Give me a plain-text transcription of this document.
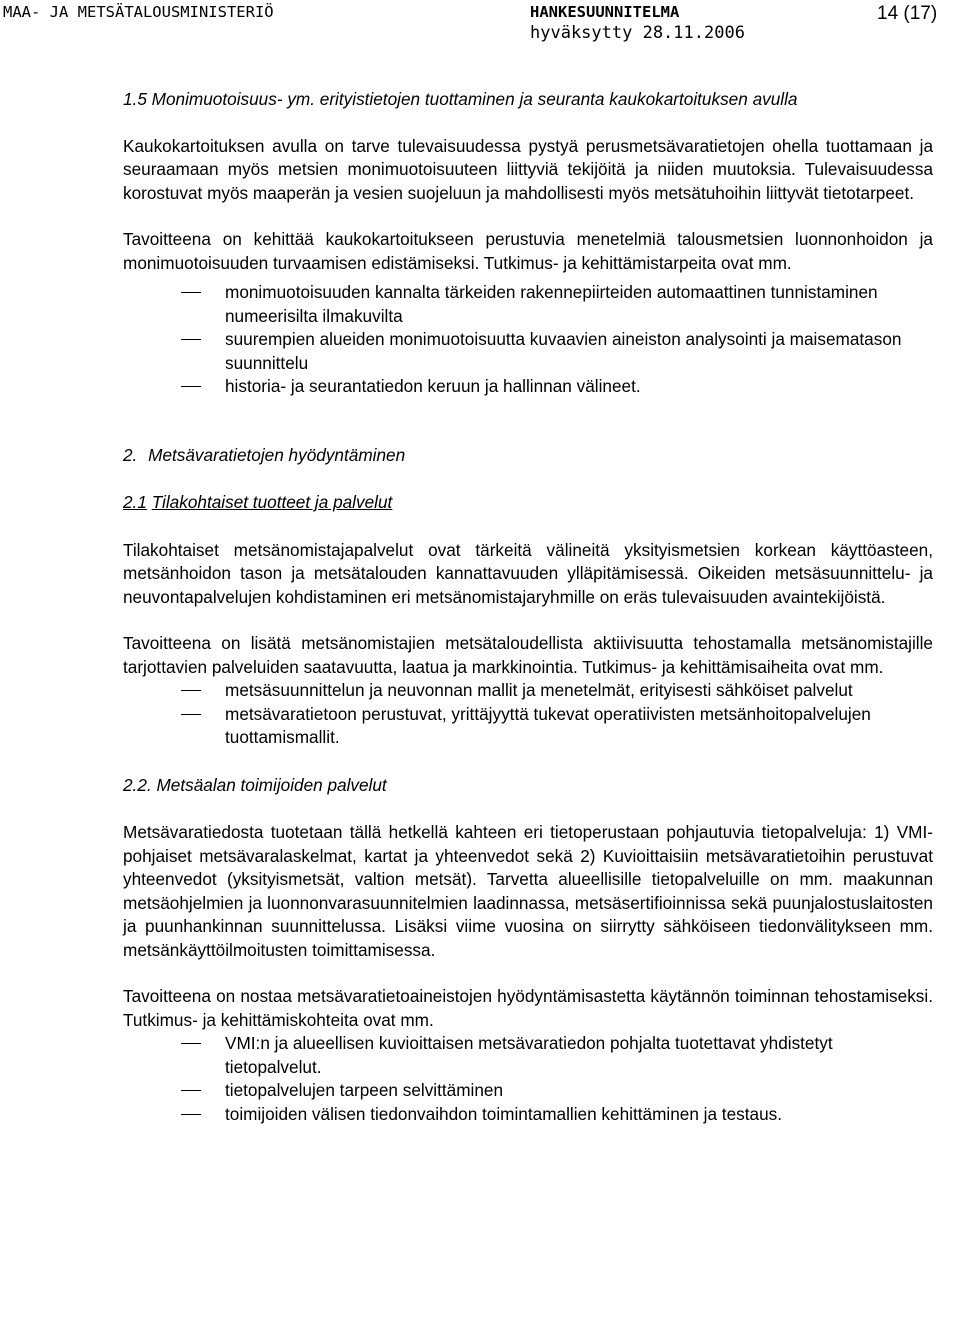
MAA- JA METSÄTALOUSMINISTERIÖ	HANKESUUNNITELMA
hyväksytty 28.11.2006
14 (17)

1.5 Monimuotoisuus- ym. erityistietojen tuottaminen ja seuranta kaukokartoituksen avulla

Kaukokartoituksen avulla on tarve tulevaisuudessa pystyä perusmetsävaratietojen ohella tuottamaan ja seuraamaan myös metsien monimuotoisuuteen liittyviä tekijöitä ja niiden muutoksia. Tulevaisuudessa korostuvat myös maaperän ja vesien suojeluun ja mahdollisesti myös metsätuhoihin liittyvät tietotarpeet.

Tavoitteena on kehittää kaukokartoitukseen perustuvia menetelmiä talousmetsien luonnonhoidon ja monimuotoisuuden turvaamisen edistämiseksi. Tutkimus- ja kehittämistarpeita ovat mm.

monimuotoisuuden kannalta tärkeiden rakennepiirteiden automaattinen tunnistaminen numeerisilta ilmakuvilta
suurempien alueiden monimuotoisuutta kuvaavien aineiston analysointi ja maisematason suunnittelu
historia- ja seurantatiedon keruun ja hallinnan välineet.

2. Metsävaratietojen hyödyntäminen

2.1 Tilakohtaiset tuotteet ja palvelut

Tilakohtaiset metsänomistajapalvelut ovat tärkeitä välineitä yksityismetsien korkean käyttöasteen, metsänhoidon tason ja metsätalouden kannattavuuden ylläpitämisessä. Oikeiden metsäsuunnittelu- ja neuvontapalvelujen kohdistaminen eri metsänomistajaryhmille on eräs tulevaisuuden avaintekijöistä.

Tavoitteena on lisätä metsänomistajien metsätaloudellista aktiivisuutta tehostamalla metsänomistajille tarjottavien palveluiden saatavuutta, laatua ja markkinointia. Tutkimus- ja kehittämisaiheita ovat mm.

metsäsuunnittelun ja neuvonnan mallit ja menetelmät, erityisesti sähköiset palvelut
metsävaratietoon perustuvat, yrittäjyyttä tukevat operatiivisten metsänhoitopalvelujen tuottamismallit.

2.2. Metsäalan toimijoiden palvelut

Metsävaratiedosta tuotetaan tällä hetkellä kahteen eri tietoperustaan pohjautuvia tietopalveluja: 1) VMI-pohjaiset metsävaralaskelmat, kartat ja yhteenvedot sekä 2) Kuvioittaisiin metsävaratietoihin perustuvat yhteenvedot (yksityismetsät, valtion metsät). Tarvetta alueellisille tietopalveluille on mm. maakunnan metsäohjelmien ja luonnonvarasuunnitelmien laadinnassa, metsäsertifioinnissa sekä puunjalostuslaitosten ja puunhankinnan suunnittelussa. Lisäksi viime vuosina on siirrytty sähköiseen tiedonvälitykseen mm. metsänkäyttöilmoitusten toimittamisessa.

Tavoitteena on nostaa metsävaratietoaineistojen hyödyntämisastetta käytännön toiminnan tehostamiseksi. Tutkimus- ja kehittämiskohteita ovat mm.

VMI:n ja alueellisen kuvioittaisen metsävaratiedon pohjalta tuotettavat yhdistetyt tietopalvelut.
tietopalvelujen tarpeen selvittäminen
toimijoiden välisen tiedonvaihdon toimintamallien kehittäminen ja testaus.
